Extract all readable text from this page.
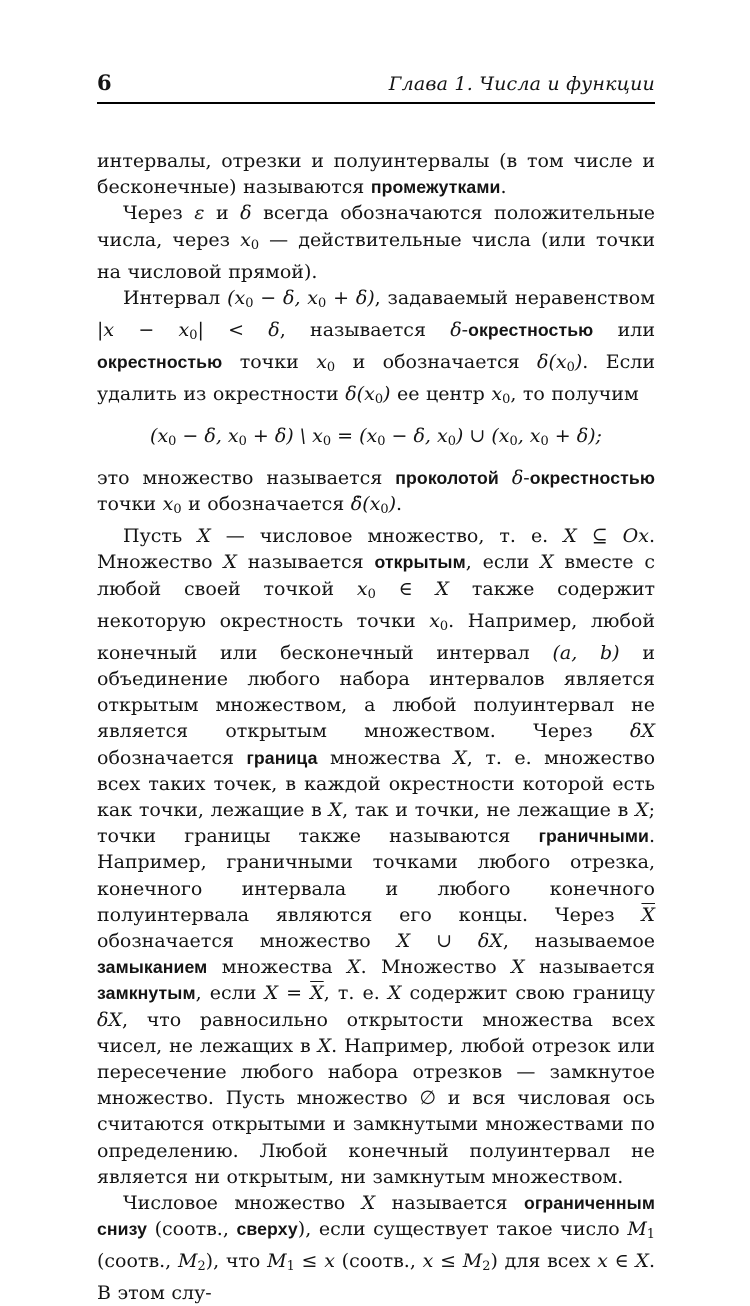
6	Глава 1. Числа и функции
интервалы, отрезки и полуинтервалы (в том числе и бесконечные) называются промежутками.
Через ε и δ всегда обозначаются положительные числа, через $x_0$ — действительные числа (или точки на числовой прямой).
Интервал ($x_0 - \delta$, $x_0 + \delta$), задаваемый неравенством $|x - x_0| < \delta$, называется δ-окрестностью или окрестностью точки $x_0$ и обозначается $\delta(x_0)$. Если удалить из окрестности $\delta(x_0)$ ее центр $x_0$, то получим
($x_0 - \delta$, $x_0 + \delta$) \ $x_0 = (x_0 - \delta$, $x_0$) ∪ ($x_0$, $x_0 + \delta$);
это множество называется проколотой δ-окрестностью точки $x_0$ и обозначается $\deltȧ(x_0)$.
Пусть X — числовое множество, т. е. X ⊆ Ox. Множество X называется открытым, если X вместе с любой своей точкой $x_0$ ∈ X также содержит некоторую окрестность точки $x_0$. Например, любой конечный или бесконечный интервал (a, b) и объединение любого набора интервалов является открытым множеством, а любой полуинтервал не является открытым множеством. Через δX обозначается граница множества X, т. е. множество всех таких точек, в каждой окрестности которой есть как точки, лежащие в X, так и точки, не лежащие в X; точки границы также называются граничными. Например, граничными точками любого отрезка, конечного интервала и любого конечного полуинтервала являются его концы. Через $\overline{X}$ обозначается множество X ∪ δX, называемое замыканием множества X. Множество X называется замкнутым, если $X = \overline{X}$, т. е. X содержит свою границу δX, что равносильно открытости множества всех чисел, не лежащих в X. Например, любой отрезок или пересечение любого набора отрезков — замкнутое множество. Пусть множество ∅ и вся числовая ось считаются открытыми и замкнутыми множествами по определению. Любой конечный полуинтервал не является ни открытым, ни замкнутым множеством.
Числовое множество X называется ограниченным снизу (соотв., сверху), если существует такое число $M_1$ (соотв., $M_2$), что $M_1 \le x$ (соотв., $x \le M_2$) для всех x ∈ X. В этом слу-
